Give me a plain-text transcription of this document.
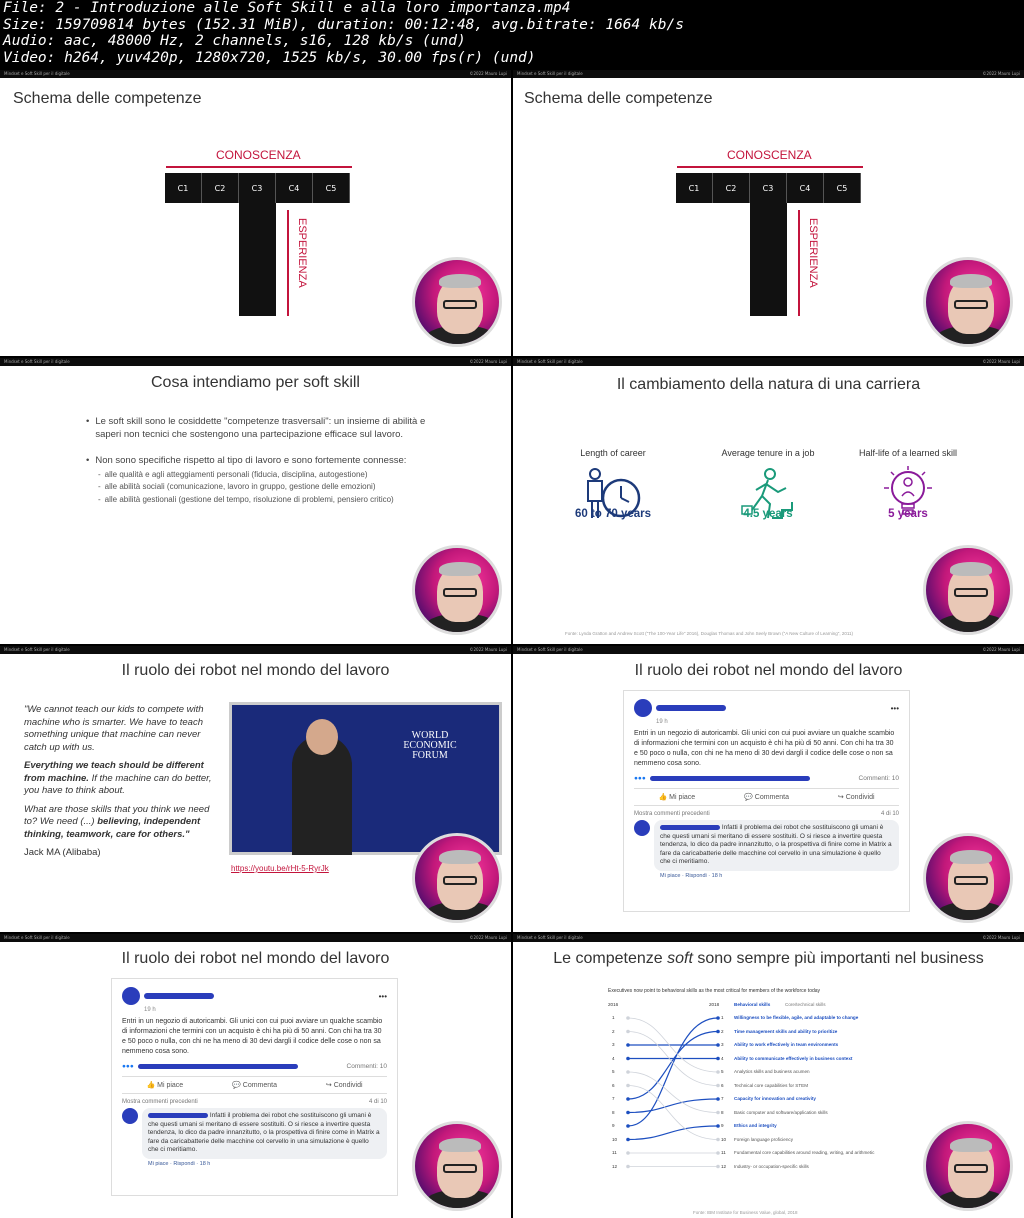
File: 2 - Introduzione alle Soft Skill e alla loro importanza.mp4
Size: 159709814 bytes (152.31 MiB), duration: 00:12:48, avg.bitrate: 1664 kb/s
Audio: aac, 48000 Hz, 2 channels, s16, 128 kb/s (und)
Video: h264, yuv420p, 1280x720, 1525 kb/s, 30.00 fps(r) (und)
Mindset e Soft Skill per il digitale	©2022 Mauro Lupi
Schema delle competenze
CONOSCENZA
C1	C2	C3	C4	C5
ESPERIENZA
Mindset e Soft Skill per il digitale	©2022 Mauro Lupi
Schema delle competenze
CONOSCENZA
C1	C2	C3	C4	C5
ESPERIENZA
Mindset e Soft Skill per il digitale	©2022 Mauro Lupi
Cosa intendiamo per soft skill
• Le soft skill sono le cosiddette "competenze trasversali": un insieme di abilità e saperi non tecnici che sostengono una partecipazione efficace sul lavoro.
• Non sono specifiche rispetto al tipo di lavoro e sono fortemente connesse:
- alle qualità e agli atteggiamenti personali (fiducia, disciplina, autogestione)
- alle abilità sociali (comunicazione, lavoro in gruppo, gestione delle emozioni)
- alle abilità gestionali (gestione del tempo, risoluzione di problemi, pensiero critico)
Mindset e Soft Skill per il digitale	©2022 Mauro Lupi
Il cambiamento della natura di una carriera
Length of career
60 to 70 years
Average tenure in a job
4.5 years
Half-life of a learned skill
5 years
Fonte: Lynda Gratton and Andrew Scott ("The 100-Year Life" 2016), Douglas Thomas and John Seely Brown ("A New Culture of Learning", 2011)
Mindset e Soft Skill per il digitale	©2022 Mauro Lupi
Il ruolo dei robot nel mondo del lavoro
"We cannot teach our kids to compete with machine who is smarter. We have to teach something unique that machine can never catch up with us.
Everything we teach should be different from machine. If the machine can do better, you have to think about.
What are those skills that you think we need to? We need (...) believing, independent thinking, teamwork, care for others."
Jack MA (Alibaba)
WORLD ECONOMIC FORUM
https://youtu.be/rHt-5-RyrJk
Mindset e Soft Skill per il digitale	©2022 Mauro Lupi
Il ruolo dei robot nel mondo del lavoro
•••
19 h
Entri in un negozio di autoricambi. Gli unici con cui puoi avviare un qualche scambio di informazioni che termini con un acquisto è chi ha più di 50 anni. Con chi ha tra 30 e 50 poco o nulla, con chi ne ha meno di 30 devi dargli il codice delle cose o non sa nemmeno cosa sono.
●●●	Commenti: 10
👍 Mi piace	💬 Commenta	↪ Condividi
Mostra commenti precedenti	4 di 10
Infatti il problema dei robot che sostituiscono gli umani è che questi umani si meritano di essere sostituiti. O si riesce a invertire questa tendenza, lo dico da padre innanzitutto, o la prospettiva di finire come in Matrix a fare da caricabatterie delle macchine col cervello in una simulazione è quello che ci meritiamo.
Mi piace · Rispondi · 18 h
Mindset e Soft Skill per il digitale	©2022 Mauro Lupi
Il ruolo dei robot nel mondo del lavoro
•••
19 h
Entri in un negozio di autoricambi. Gli unici con cui puoi avviare un qualche scambio di informazioni che termini con un acquisto è chi ha più di 50 anni. Con chi ha tra 30 e 50 poco o nulla, con chi ne ha meno di 30 devi dargli il codice delle cose o non sa nemmeno cosa sono.
●●●	Commenti: 10
👍 Mi piace	💬 Commenta	↪ Condividi
Mostra commenti precedenti	4 di 10
Infatti il problema dei robot che sostituiscono gli umani è che questi umani si meritano di essere sostituiti. O si riesce a invertire questa tendenza, lo dico da padre innanzitutto, o la prospettiva di finire come in Matrix a fare da caricabatterie delle macchine col cervello in una simulazione è quello che ci meritiamo.
Mi piace · Rispondi · 18 h
Mindset e Soft Skill per il digitale	©2022 Mauro Lupi
Le competenze soft sono sempre più importanti nel business
Executives now point to behavioral skills as the most critical for members of the workforce today
2016	2018	Behavioral skills	Core/technical skills
1	1 Willingness to be flexible, agile, and adaptable to change
2	2 Time management skills and ability to prioritize
3	3 Ability to work effectively in team environments
4	4 Ability to communicate effectively in business context
5	5 Analytics skills and business acumen
6	6 Technical core capabilities for STEM
7	7 Capacity for innovation and creativity
8	8 Basic computer and software/application skills
9	9 Ethics and integrity
10	10 Foreign language proficiency
11	11 Fundamental core capabilities around reading, writing, and arithmetic
12	12 Industry- or occupation-specific skills
Fonte: IBM Institute for Business Value, global, 2018
